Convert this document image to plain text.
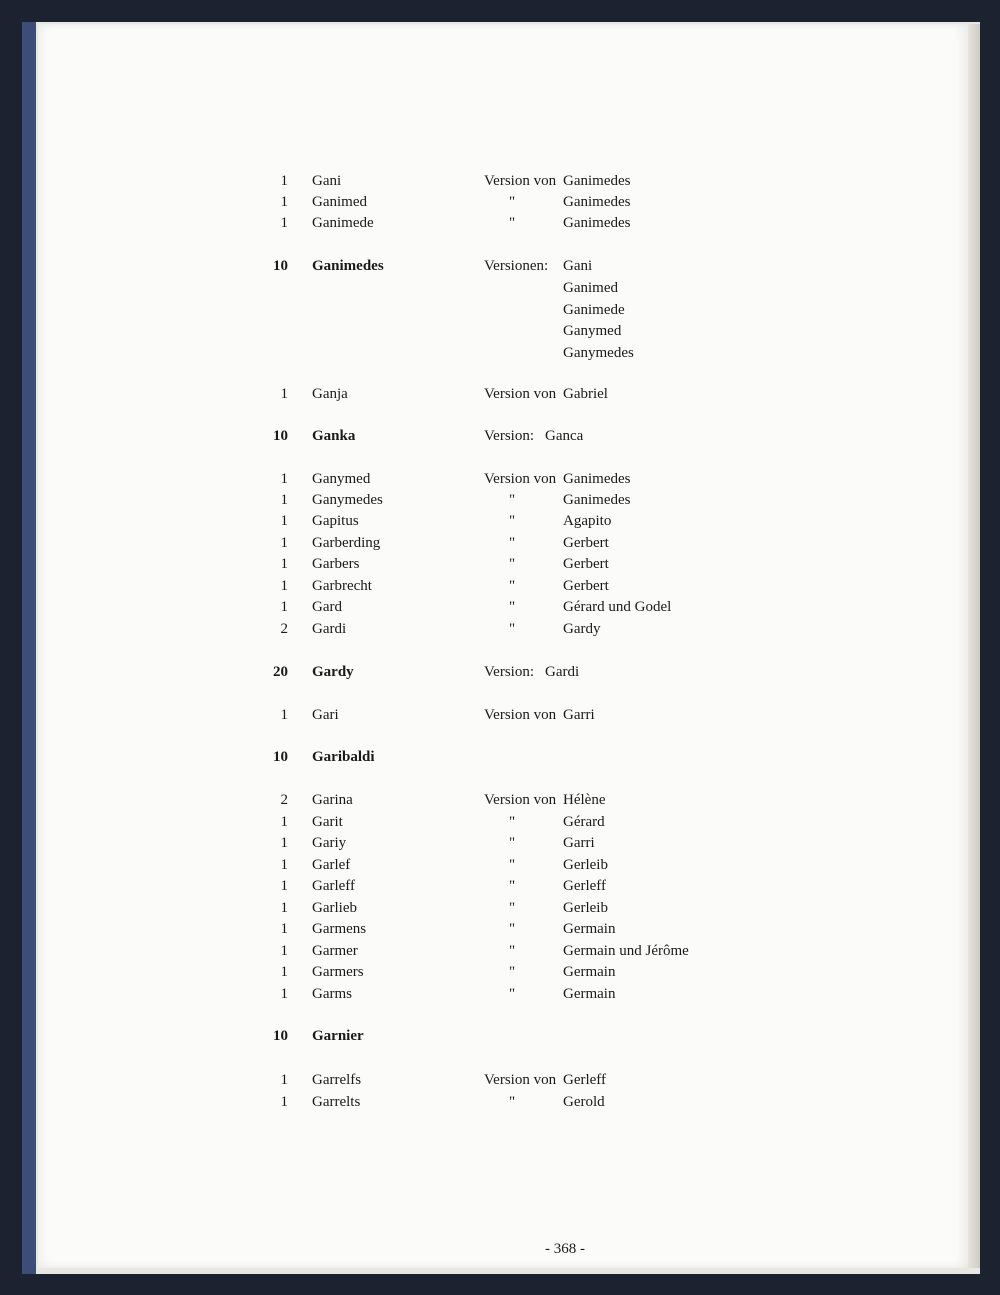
1 Gani	Version von Ganimedes
1 Ganimed	"	Ganimedes
1 Ganimede	"	Ganimedes
10 Ganimedes	Versionen: Gani
Ganimed
Ganimede
Ganymed
Ganymedes
1 Ganja	Version von Gabriel
10 Ganka	Version: Ganca
1 Ganymed	Version von Ganimedes
1 Ganymedes	"	Ganimedes
1 Gapitus	"	Agapito
1 Garberding	"	Gerbert
1 Garbers	"	Gerbert
1 Garbrecht	"	Gerbert
1 Gard	"	Gérard und Godel
2 Gardi	"	Gardy
20 Gardy	Version: Gardi
1 Gari	Version von Garri
10 Garibaldi
2 Garina	Version von Hélène
1 Garit	"	Gérard
1 Gariy	"	Garri
1 Garlef	"	Gerleib
1 Garleff	"	Gerleff
1 Garlieb	"	Gerleib
1 Garmens	"	Germain
1 Garmer	"	Germain und Jérôme
1 Garmers	"	Germain
1 Garms	"	Germain
10 Garnier
1 Garrelfs	Version von Gerleff
1 Garrelts	"	Gerold
- 368 -
